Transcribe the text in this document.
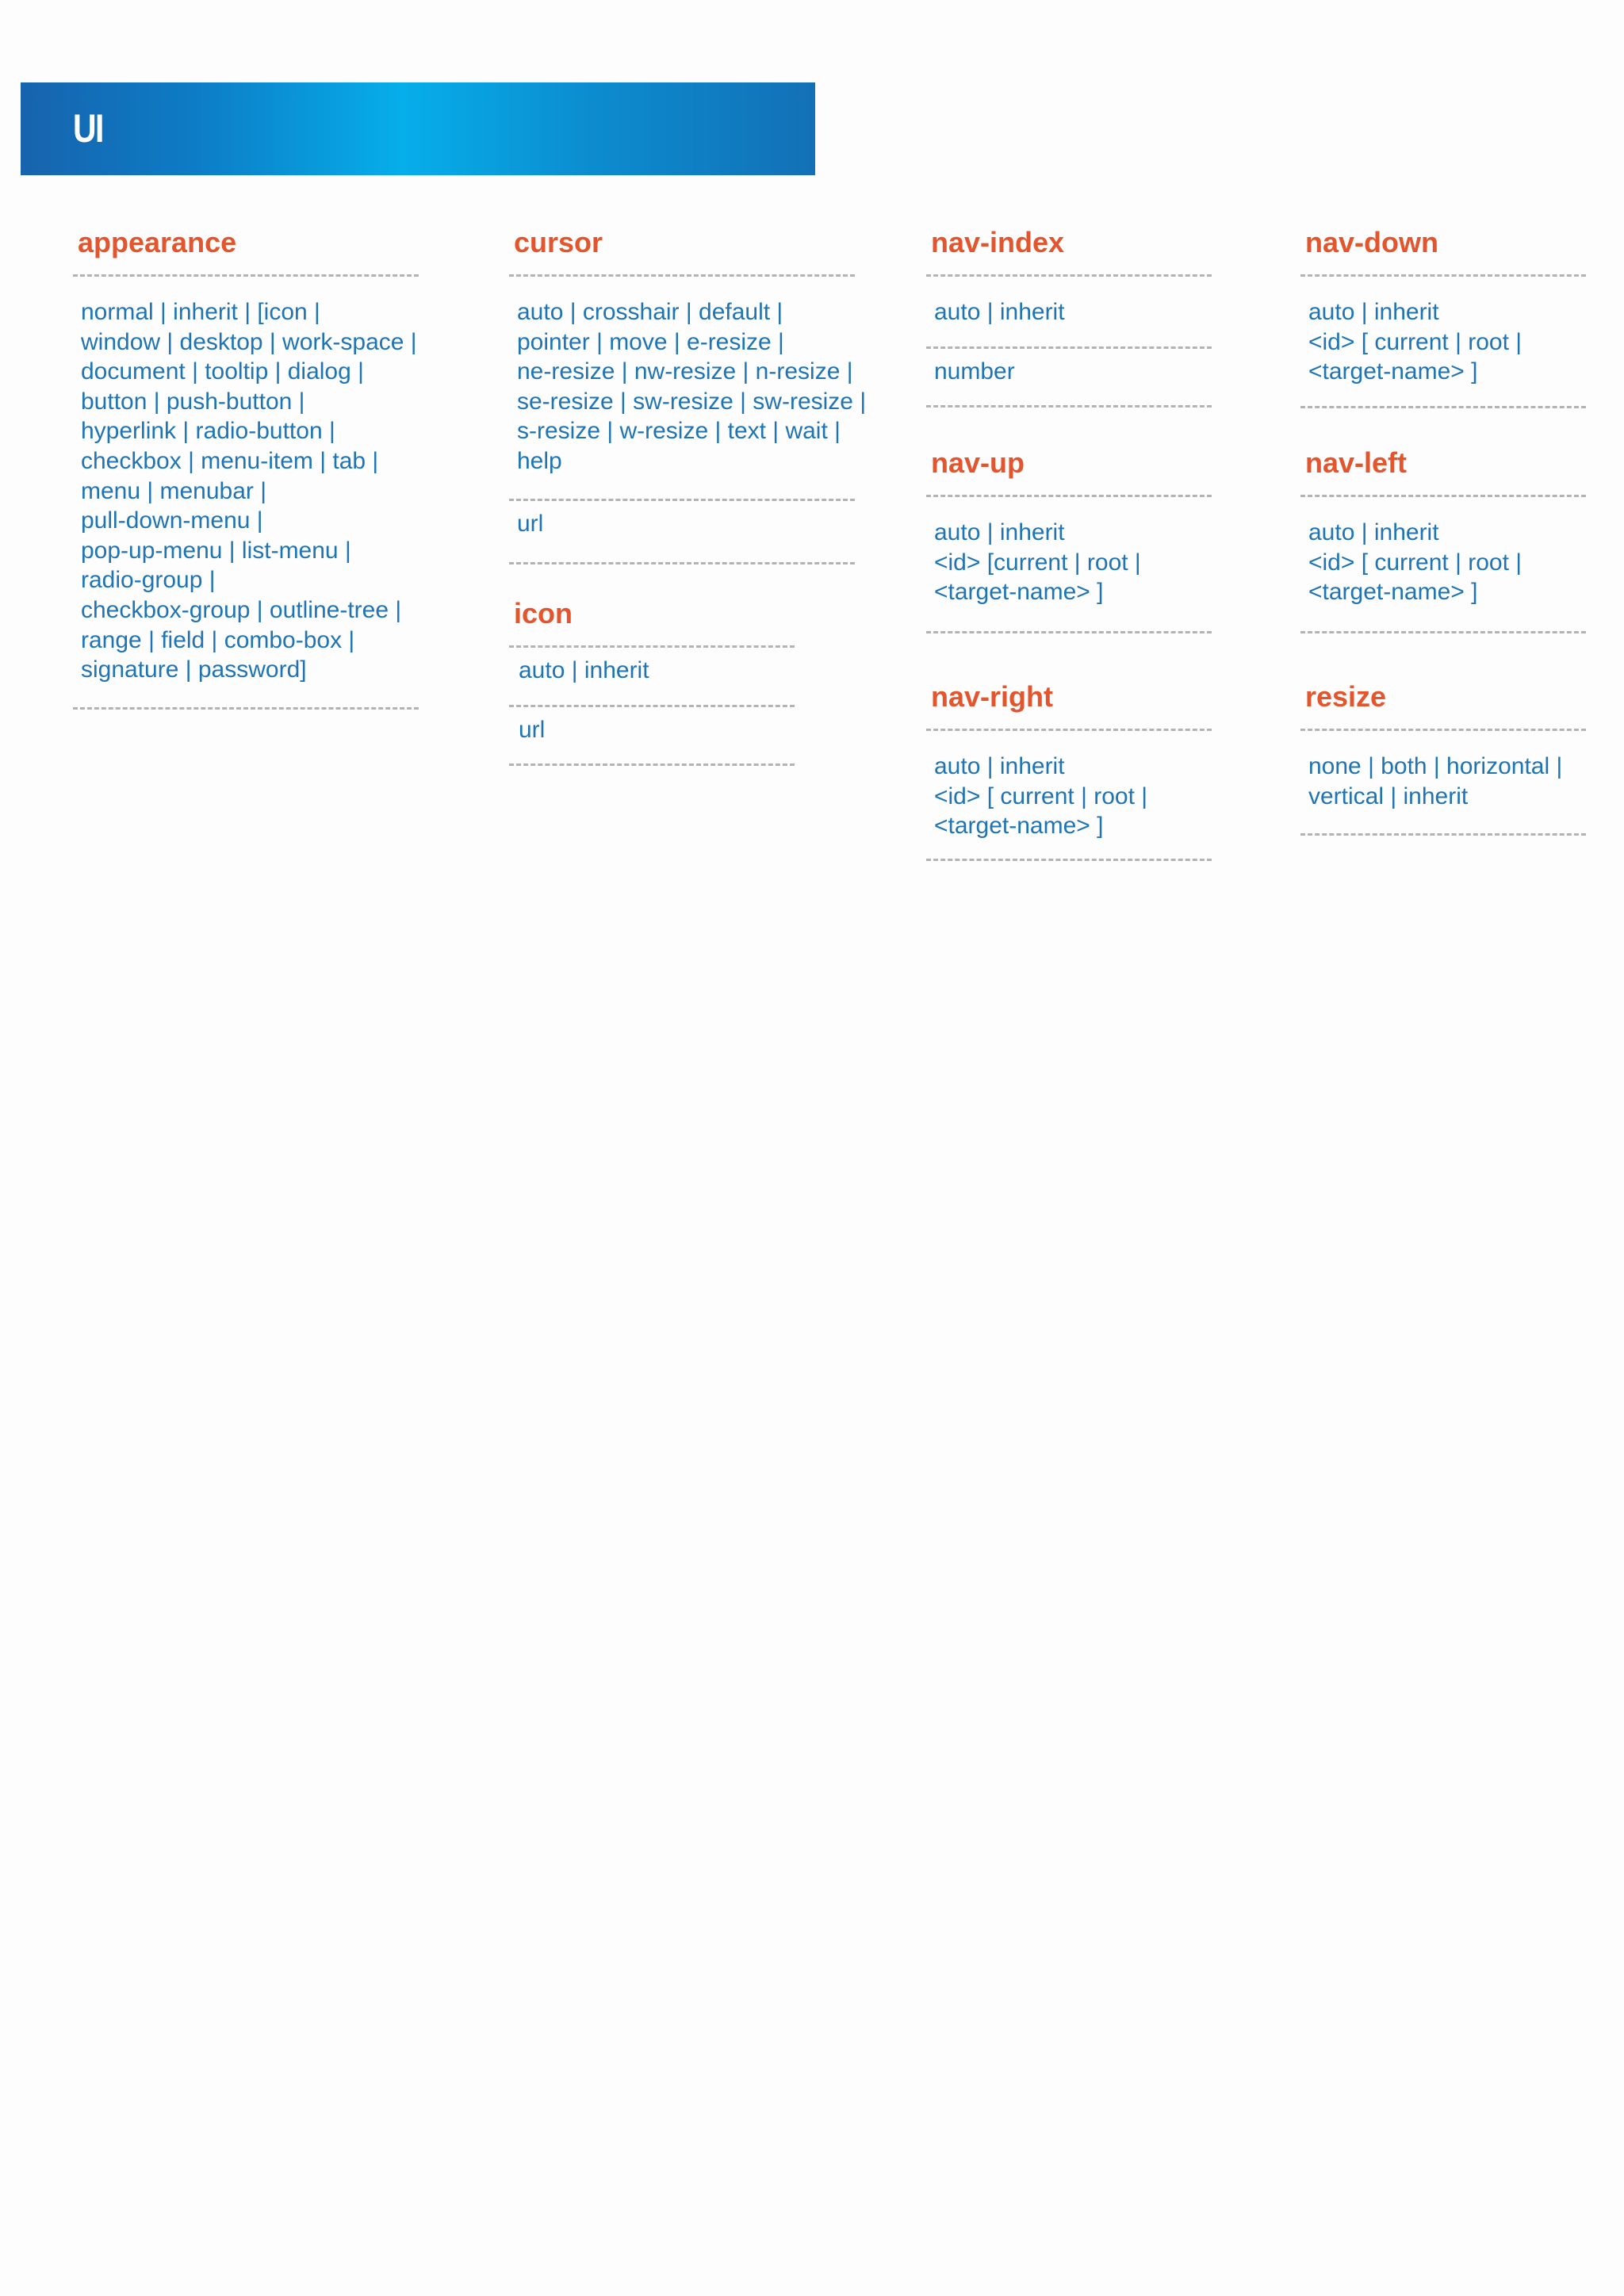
UI
appearance
normal | inherit | [icon |
window | desktop | work-space |
document | tooltip | dialog |
button | push-button |
hyperlink | radio-button |
checkbox | menu-item | tab |
menu | menubar |
pull-down-menu |
pop-up-menu | list-menu |
radio-group |
checkbox-group | outline-tree |
range | field | combo-box |
signature | password]
cursor
auto | crosshair | default |
pointer | move | e-resize |
ne-resize | nw-resize | n-resize |
se-resize | sw-resize | sw-resize |
s-resize | w-resize | text | wait |
help
url
icon
auto | inherit
url
nav-index
auto | inherit
number
nav-up
auto | inherit
<id> [current | root |
<target-name> ]
nav-right
auto | inherit
<id> [ current | root |
<target-name> ]
nav-down
auto | inherit
<id> [ current | root |
<target-name> ]
nav-left
auto | inherit
<id> [ current | root |
<target-name> ]
resize
none | both | horizontal |
vertical | inherit
